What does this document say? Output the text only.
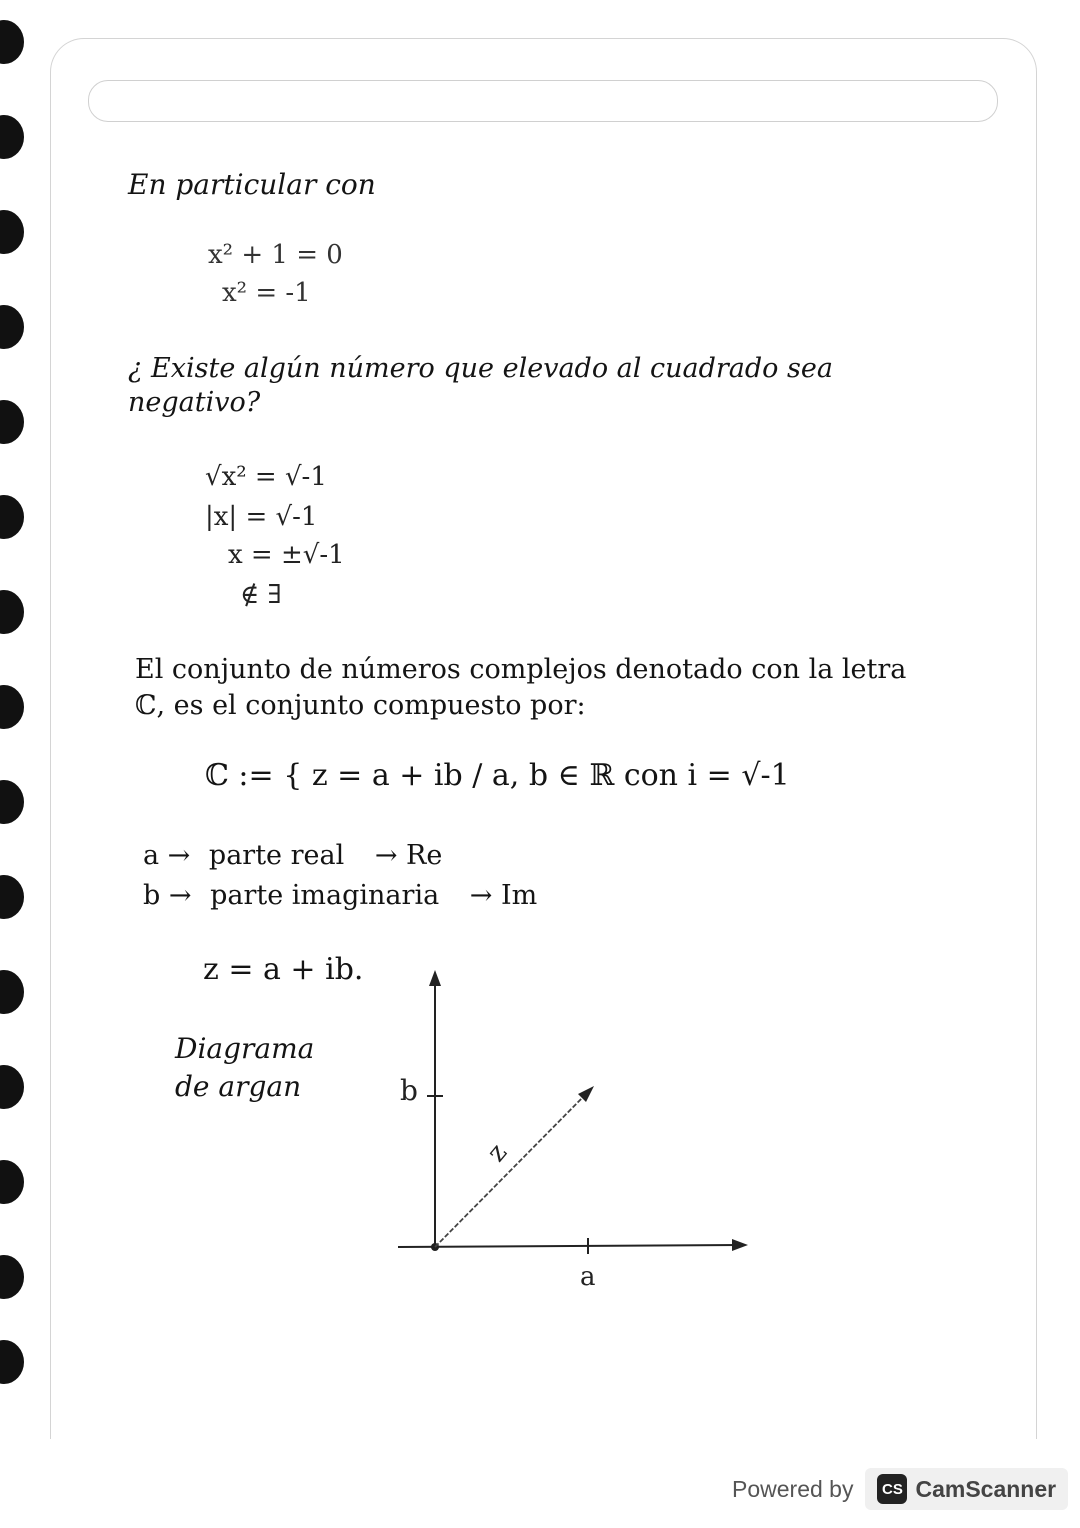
En particular con
x² + 1 = 0
x² = -1
¿ Existe algún número que elevado al cuadrado sea negativo?
√x² = √-1
|x| = √-1
x = ±√-1
∉ ∃
El conjunto de números complejos denotado con la letra ℂ, es el conjunto compuesto por:
ℂ := { z = a + ib / a, b ∈ ℝ con i = √-1
a → parte real → Re
b → parte imaginaria → Im
z = a + ib.
Diagrama de argan	b
a
z
Powered by	CS CamScanner
